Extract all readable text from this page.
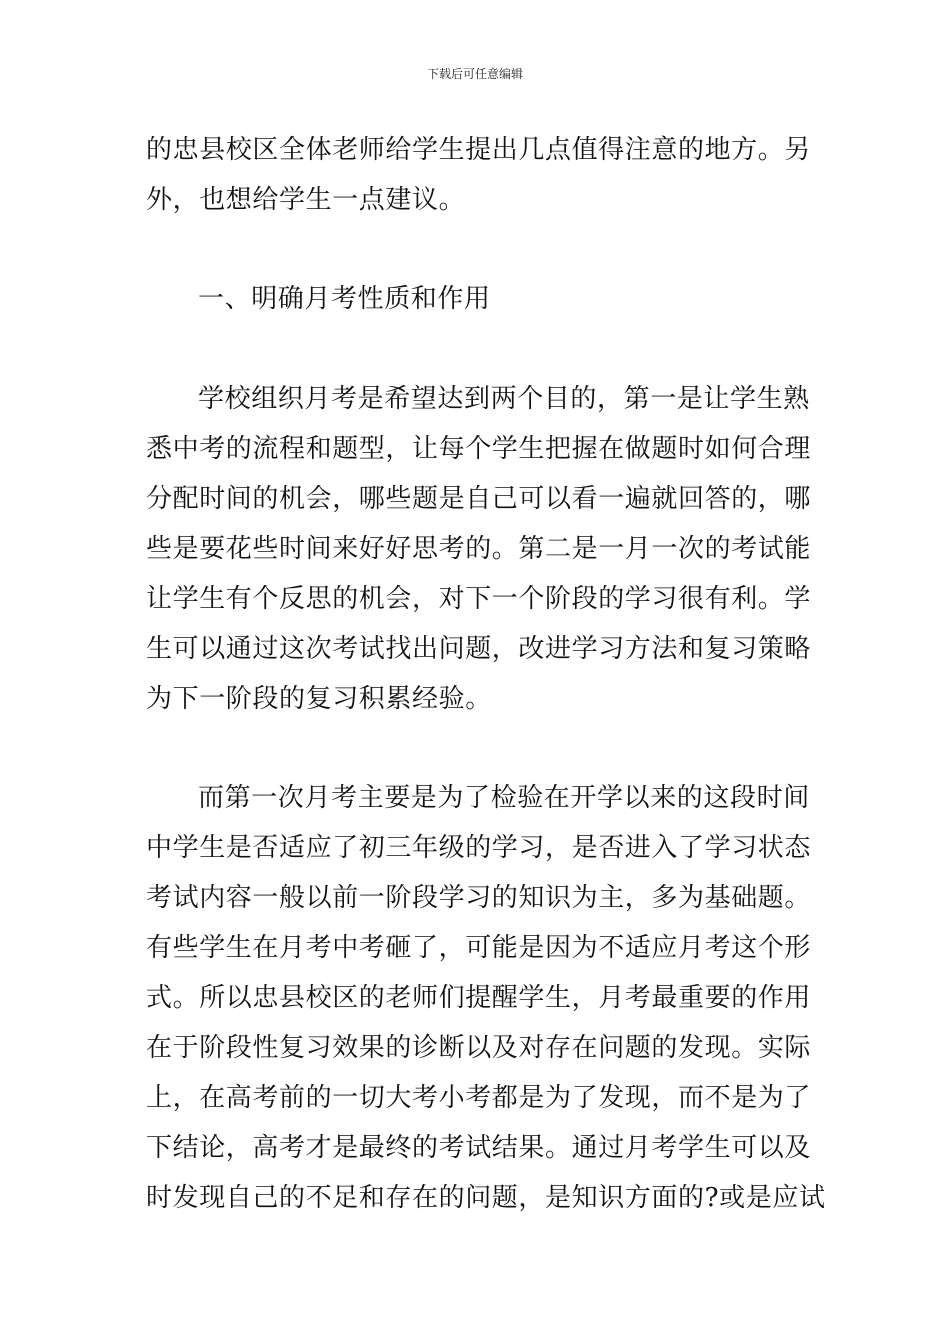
下载后可任意编辑
的忠县校区全体老师给学生提出几点值得注意的地方。另
外，也想给学生一点建议。
一、明确月考性质和作用
学校组织月考是希望达到两个目的，第一是让学生熟
悉中考的流程和题型，让每个学生把握在做题时如何合理
分配时间的机会，哪些题是自己可以看一遍就回答的，哪
些是要花些时间来好好思考的。第二是一月一次的考试能
让学生有个反思的机会，对下一个阶段的学习很有利。学
生可以通过这次考试找出问题，改进学习方法和复习策略
为下一阶段的复习积累经验。
而第一次月考主要是为了检验在开学以来的这段时间
中学生是否适应了初三年级的学习，是否进入了学习状态
考试内容一般以前一阶段学习的知识为主，多为基础题。
有些学生在月考中考砸了，可能是因为不适应月考这个形
式。所以忠县校区的老师们提醒学生，月考最重要的作用
在于阶段性复习效果的诊断以及对存在问题的发现。实际
上，在高考前的一切大考小考都是为了发现，而不是为了
下结论，高考才是最终的考试结果。通过月考学生可以及
时发现自己的不足和存在的问题，是知识方面的?或是应试
